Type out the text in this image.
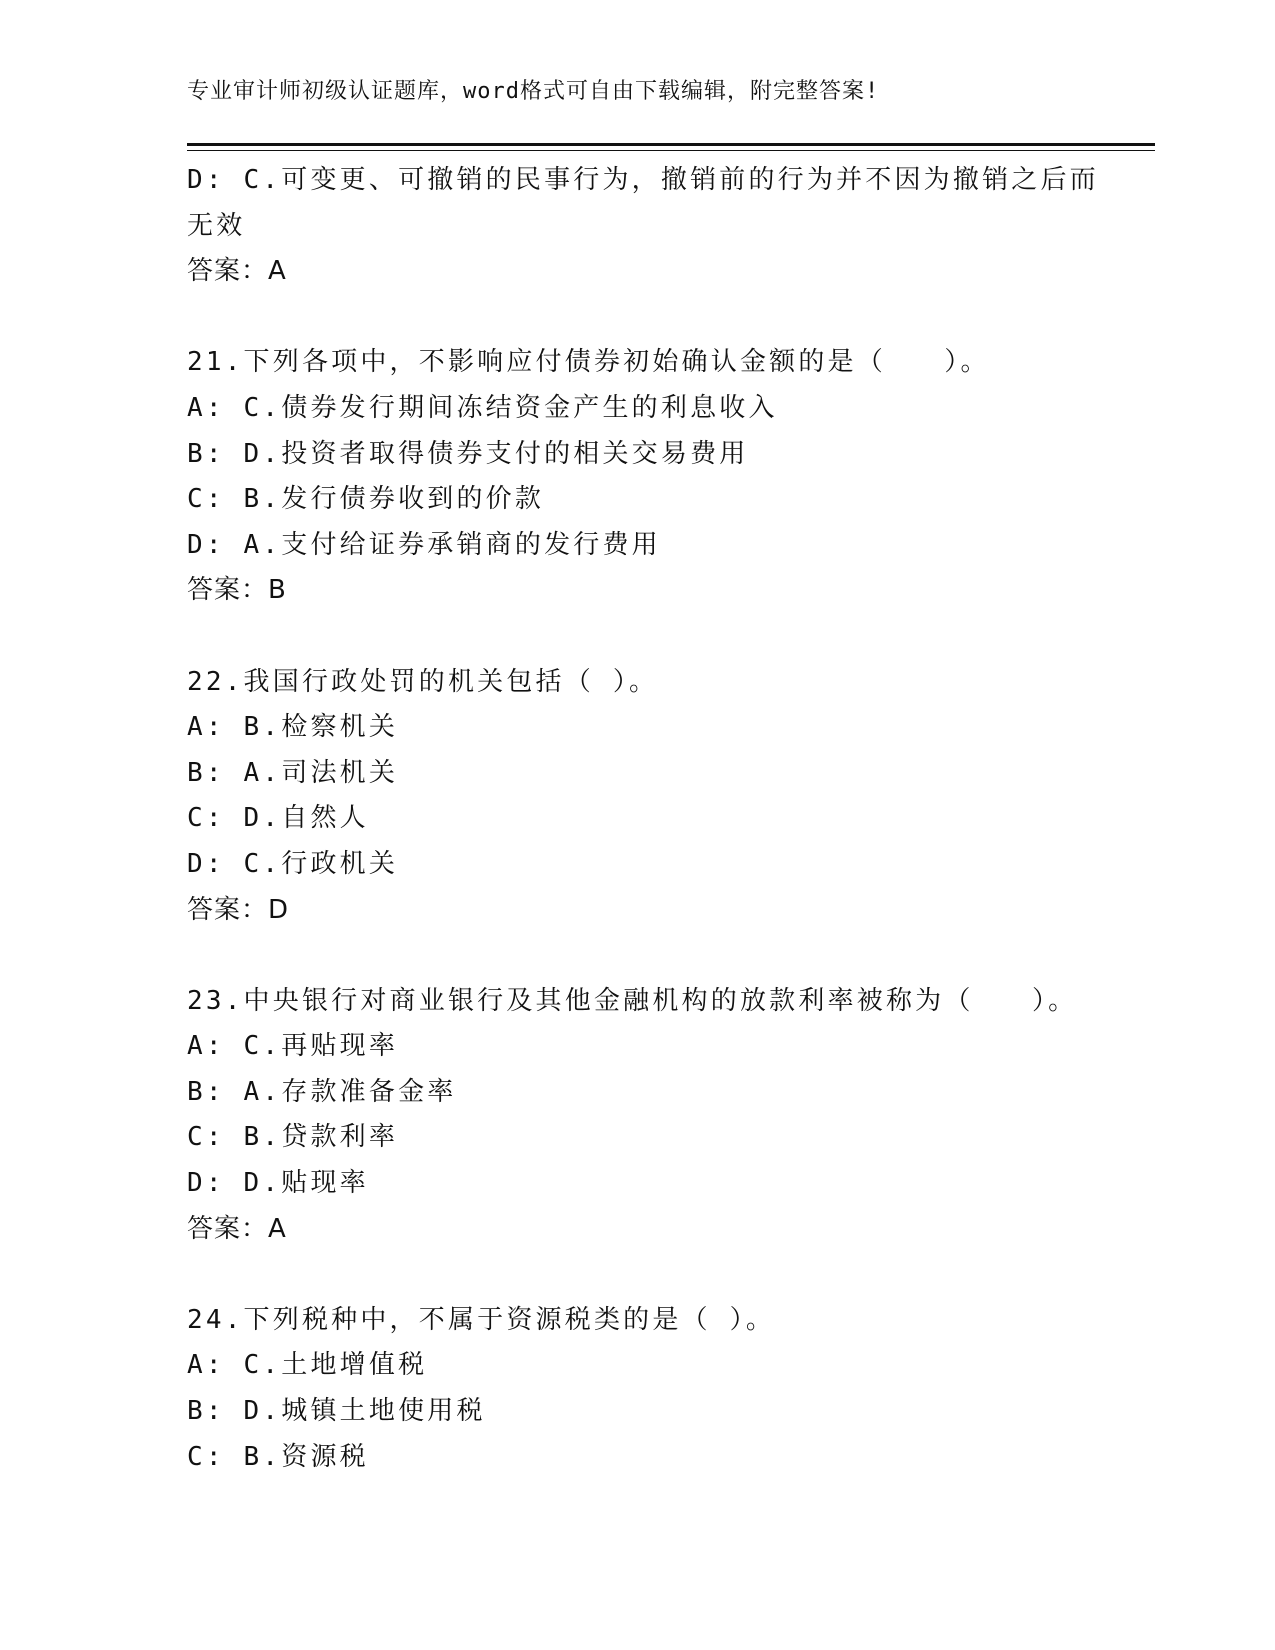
专业审计师初级认证题库，word格式可自由下载编辑，附完整答案!
D: C.可变更、可撤销的民事行为，撤销前的行为并不因为撤销之后而
无效
答案：A
21.下列各项中，不影响应付债券初始确认金额的是（　　）。
A: C.债券发行期间冻结资金产生的利息收入
B: D.投资者取得债券支付的相关交易费用
C: B.发行债券收到的价款
D: A.支付给证券承销商的发行费用
答案：B
22.我国行政处罚的机关包括（ ）。
A: B.检察机关
B: A.司法机关
C: D.自然人
D: C.行政机关
答案：D
23.中央银行对商业银行及其他金融机构的放款利率被称为（　　）。
A: C.再贴现率
B: A.存款准备金率
C: B.贷款利率
D: D.贴现率
答案：A
24.下列税种中，不属于资源税类的是（ ）。
A: C.土地增值税
B: D.城镇土地使用税
C: B.资源税
